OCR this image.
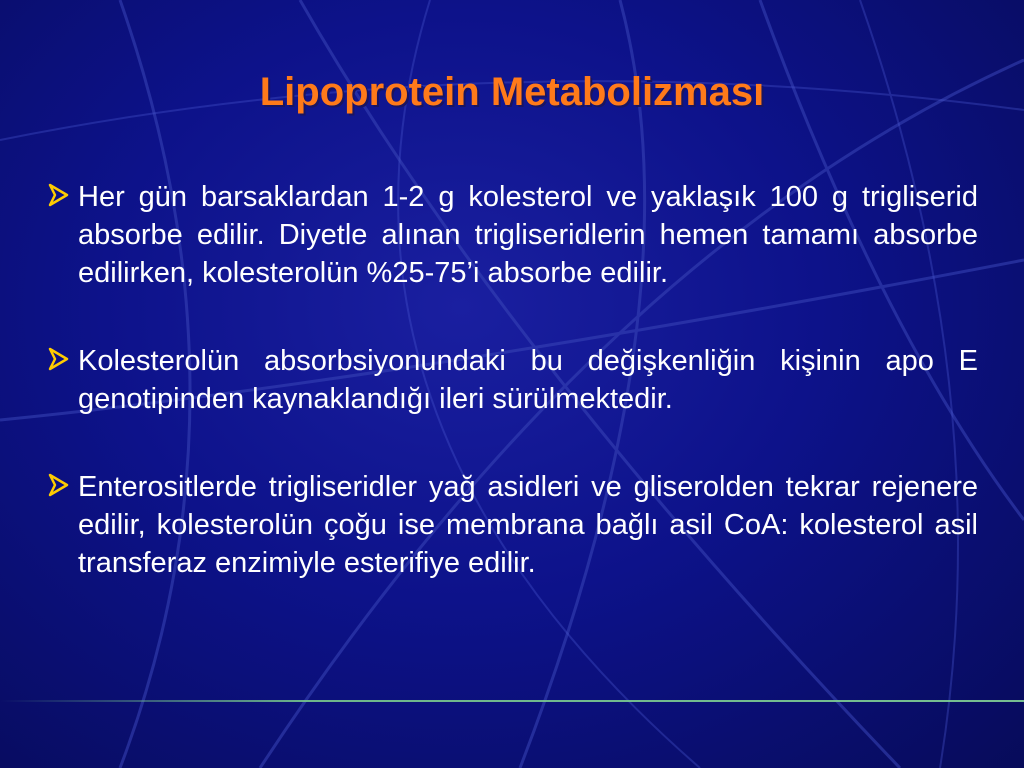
Lipoprotein Metabolizması
Her gün barsaklardan 1-2 g kolesterol ve yaklaşık 100 g trigliserid absorbe edilir. Diyetle alınan trigliseridlerin hemen tamamı absorbe edilirken, kolesterolün %25-75’i absorbe edilir.
Kolesterolün absorbsiyonundaki bu değişkenliğin kişinin apo E genotipinden kaynaklandığı ileri sürülmektedir.
Enterositlerde trigliseridler yağ asidleri ve gliserolden tekrar rejenere edilir, kolesterolün çoğu ise membrana bağlı asil CoA: kolesterol asil transferaz enzimiyle esterifiye edilir.
